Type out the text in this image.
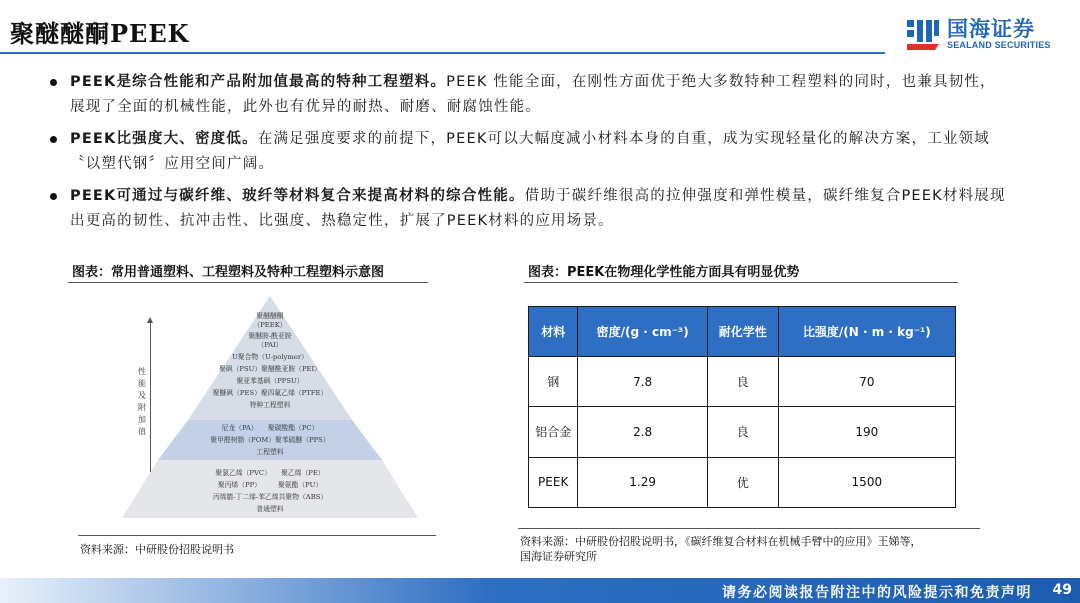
聚醚醚酮PEEK	国海证券
SEALAND SECURITIES
PEEK是综合性能和产品附加值最高的特种工程塑料。PEEK 性能全面，在刚性方面优于绝大多数特种工程塑料的同时，也兼具韧性，展现了全面的机械性能，此外也有优异的耐热、耐磨、耐腐蚀性能。
PEEK比强度大、密度低。在满足强度要求的前提下，PEEK可以大幅度减小材料本身的自重，成为实现轻量化的解决方案，工业领域〝以塑代钢〞应用空间广阔。
PEEK可通过与碳纤维、玻纤等材料复合来提高材料的综合性能。借助于碳纤维很高的拉伸强度和弹性模量，碳纤维复合PEEK材料展现出更高的韧性、抗冲击性、比强度、热稳定性，扩展了PEEK材料的应用场景。
图表：常用普通塑料、工程塑料及特种工程塑料示意图
性能及附加值
聚醚醚酮
（PEEK）
聚醚胺-酰亚胺
（PAI）
U聚合物（U-polymer）
聚砜（PSU）聚醚酰亚胺（PEI）
聚亚苯基砜（PPSU）
聚醚砜（PES）聚四氟乙烯（PTFE）
特种工程塑料
尼龙（PA）　　聚碳酸酯（PC）
聚甲醛树脂（POM）聚苯硫醚（PPS）
工程塑料
聚氯乙烯（PVC）　　聚乙烯（PE）
聚丙烯（PP）　　　聚氨酯（PU）
丙烯腈-丁二烯-苯乙烯共聚物（ABS）
普通塑料
资料来源：中研股份招股说明书
图表：PEEK在物理化学性能方面具有明显优势
材料	密度/(g · cm⁻³)	耐化学性	比强度/(N · m · kg⁻¹)
钢	7.8	良	70
铝合金	2.8	良	190
PEEK	1.29	优	1500
资料来源：中研股份招股说明书，《碳纤维复合材料在机械手臂中的应用》王娣等，
国海证券研究所
请务必阅读报告附注中的风险提示和免责声明 49
